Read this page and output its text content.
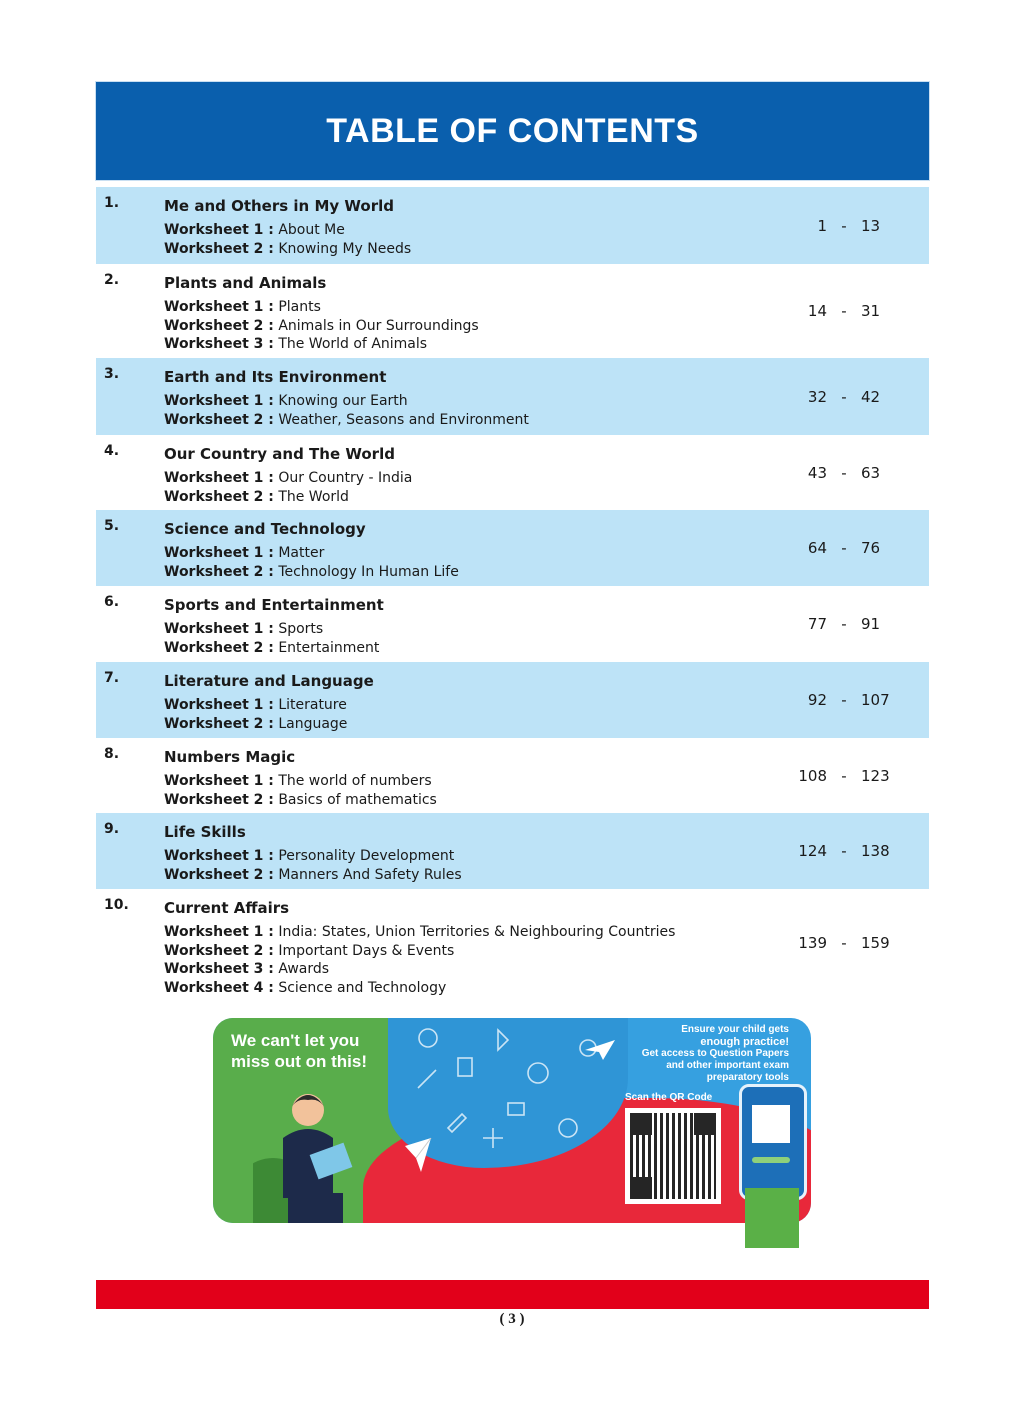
TABLE OF CONTENTS
1.	Me and Others in My World
Worksheet 1 : About Me
Worksheet 2 : Knowing My Needs
1 - 13
2.	Plants and Animals
Worksheet 1 : Plants
Worksheet 2 : Animals in Our Surroundings
Worksheet 3 : The World of Animals
14 - 31
3.	Earth and Its Environment
Worksheet 1 : Knowing our Earth
Worksheet 2 : Weather, Seasons and Environment
32 - 42
4.	Our Country and The World
Worksheet 1 : Our Country - India
Worksheet 2 : The World
43 - 63
5.	Science and Technology
Worksheet 1 : Matter
Worksheet 2 : Technology In Human Life
64 - 76
6.	Sports and Entertainment
Worksheet 1 : Sports
Worksheet 2 : Entertainment
77 - 91
7.	Literature and Language
Worksheet 1 : Literature
Worksheet 2 : Language
92 - 107
8.	Numbers Magic
Worksheet 1 : The world of numbers
Worksheet 2 : Basics of mathematics
108 - 123
9.	Life Skills
Worksheet 1 : Personality Development
Worksheet 2 : Manners And Safety Rules
124 - 138
10. Current Affairs
Worksheet 1 : India: States, Union Territories & Neighbouring Countries
Worksheet 2 : Important Days & Events
Worksheet 3 : Awards
Worksheet 4 : Science and Technology
139 - 159
We can't let you
miss out on this!
Ensure your child gets
enough practice!
Get access to Question Papers
and other important exam
preparatory tools
Scan the QR Code
( 3 )
